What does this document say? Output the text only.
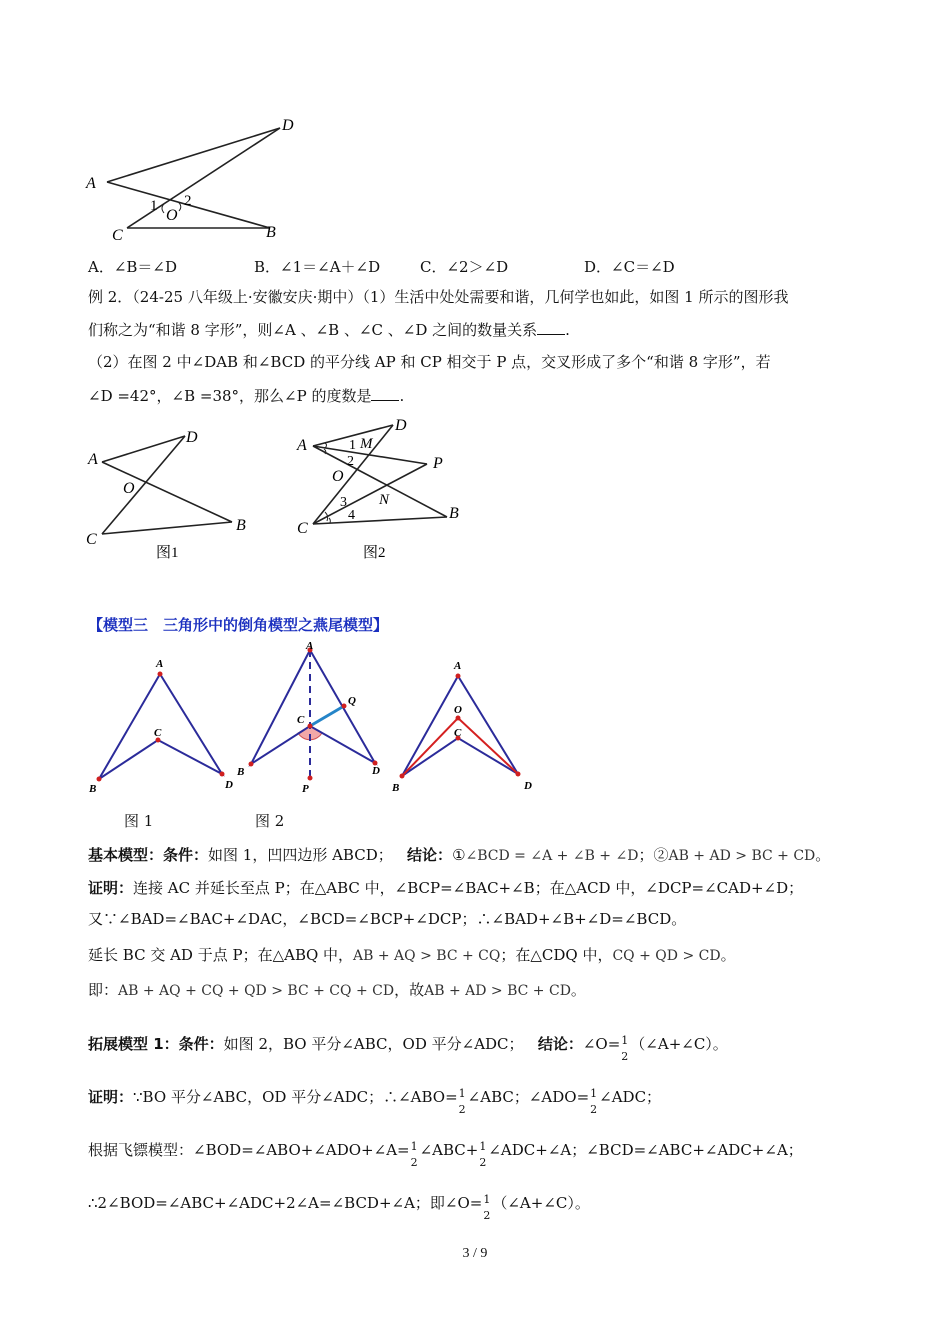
A
D
C	B
O
1 2
A．∠B＝∠D	B．∠1＝∠A＋∠D	C．∠2＞∠D	D．∠C＝∠D
例 2．（24-25 八年级上·安徽安庆·期中）（1）生活中处处需要和谐，几何学也如此，如图 1 所示的图形我
们称之为“和谐 8 字形”，则∠A 、∠B 、∠C 、∠D 之间的数量关系 .
（2）在图 2 中∠DAB 和∠BCD 的平分线 AP 和 CP 相交于 P 点，交叉形成了多个“和谐 8 字形”，若
∠D =42°，∠B =38°，那么∠P 的度数是 .
A
D
C
B
O
图1
A
D
C
B
P
M
N
O
1
2
3
4
图2
【模型三　三角形中的倒角模型之燕尾模型】
A
B
C
D
图 1
A
B
C
D
P
Q
图 2
A
B
C
D
O
基本模型：条件：如图 1，凹四边形 ABCD； 结论：①∠BCD = ∠A + ∠B + ∠D；②AB + AD > BC + CD。
证明：连接 AC 并延长至点 P；在△ABC 中，∠BCP=∠BAC+∠B；在△ACD 中，∠DCP=∠CAD+∠D；
又∵∠BAD=∠BAC+∠DAC，∠BCD=∠BCP+∠DCP；∴∠BAD+∠B+∠D=∠BCD。
延长 BC 交 AD 于点 P；在△ABQ 中，AB + AQ > BC + CQ；在△CDQ 中，CQ + QD > CD。
即：AB + AQ + CQ + QD > BC + CQ + CD，故AB + AD > BC + CD。
拓展模型 1：条件：如图 2，BO 平分∠ABC，OD 平分∠ADC； 结论：∠O= 1
2
（∠A+∠C）。
证明：∵BO 平分∠ABC，OD 平分∠ADC；∴∠ABO= 1
2
∠ABC；∠ADO= 1
2
∠ADC；
根据飞镖模型：∠BOD=∠ABO+∠ADO+∠A= 1
2
∠ABC+ 1
2
∠ADC+∠A；∠BCD=∠ABC+∠ADC+∠A；
∴2∠BOD=∠ABC+∠ADC+2∠A=∠BCD+∠A；即∠O= 1
2
（∠A+∠C）。
3 / 9
